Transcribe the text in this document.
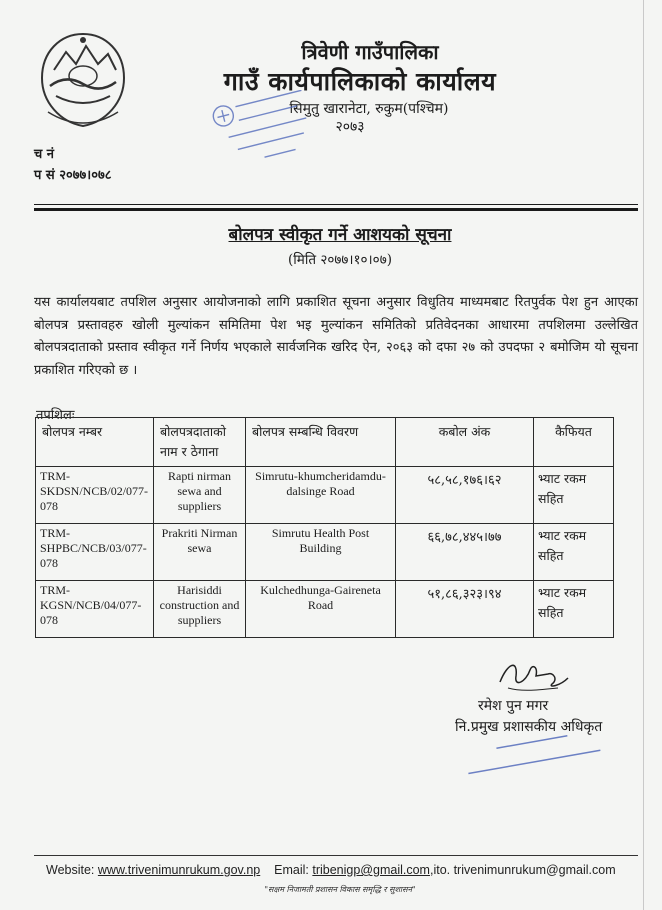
त्रिवेणी गाउँपालिका
गाउँ कार्यपालिकाको कार्यालय
सिमुतु खारानेटा, रुकुम(पश्चिम)
२०७३
च नं
प सं २०७७।०७८
बोलपत्र स्वीकृत गर्ने आशयको सूचना
(मिति २०७७।१०।०७)
यस कार्यालयबाट तपशिल अनुसार आयोजनाको लागि प्रकाशित सूचना अनुसार विधुतिय माध्यमबाट रितपुर्वक पेश हुन आएका बोलपत्र प्रस्तावहरु खोली मुल्यांकन समितिमा पेश भइ मुल्यांकन समितिको प्रतिवेदनका आधारमा तपशिलमा उल्लेखित बोलपत्रदाताको प्रस्ताव स्वीकृत गर्ने निर्णय भएकाले सार्वजनिक खरिद ऐन, २०६३ को दफा २७ को उपदफा २ बमोजिम यो सूचना प्रकाशित गरिएको छ ।
तपशिलः
बोलपत्र नम्बर	बोलपत्रदाताको नाम र ठेगाना	बोलपत्र सम्बन्धि विवरण	कबोल अंक	कैफियत
TRM-SKDSN/NCB/02/077-078	Rapti nirman sewa and suppliers	Simrutu-khumcheridamdu-dalsinge Road	५८,५८,१७६।६२	भ्याट रकम सहित
TRM-SHPBC/NCB/03/077-078	Prakriti Nirman sewa	Simrutu Health Post Building	६६,७८,४४५।७७	भ्याट रकम सहित
TRM-KGSN/NCB/04/077-078	Harisiddi construction and suppliers	Kulchedhunga-Gaireneta Road	५१,८६,३२३।९४	भ्याट रकम सहित
रमेश पुन मगर
नि.प्रमुख प्रशासकीय अधिकृत
Website: www.trivenimunrukum.gov.np Email: tribenigp@gmail.com,ito. trivenimunrukum@gmail.com
"सक्षम निजामती प्रशासन विकास समृद्धि र सुशासन"
